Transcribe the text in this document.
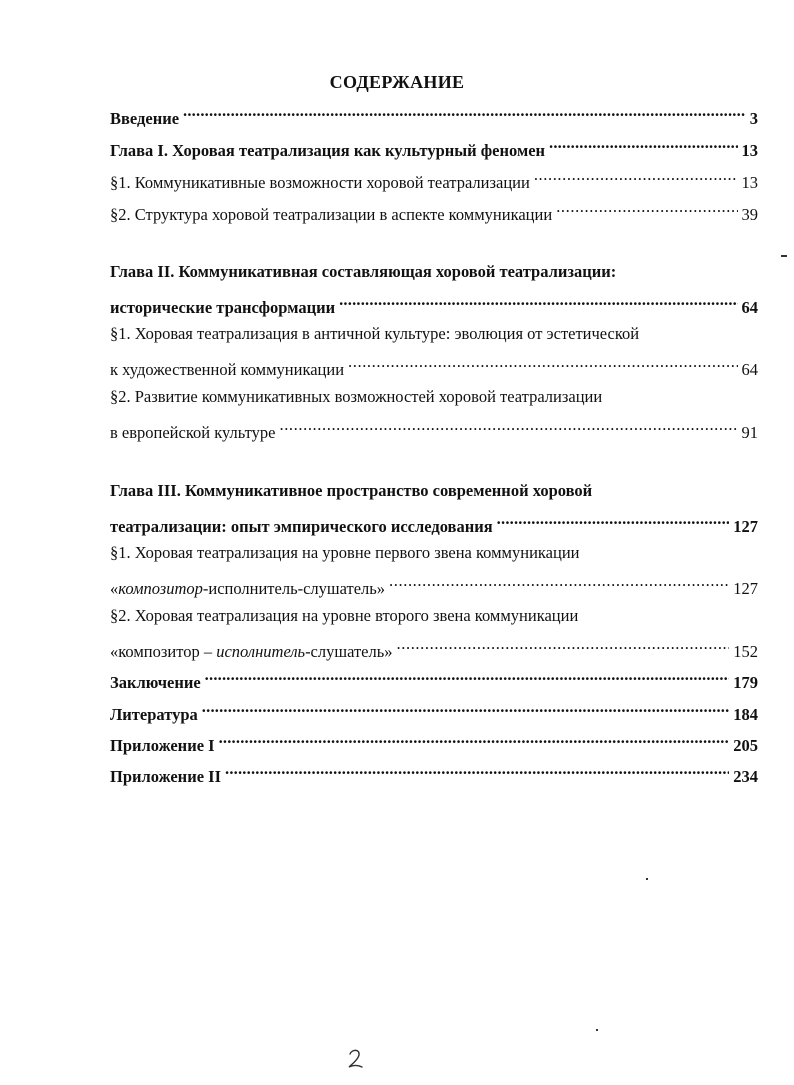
СОДЕРЖАНИЕ
Введение .....	3
Глава I. Хоровая театрализация как культурный феномен .....	13
§1. Коммуникативные возможности хоровой театрализации .....	13
§2. Структура хоровой театрализации в аспекте коммуникации .....	39
Глава II. Коммуникативная составляющая хоровой театрализации:
исторические трансформации .....	64
§1. Хоровая театрализация в античной культуре: эволюция от эстетической
к художественной коммуникации .....	64
§2. Развитие коммуникативных возможностей хоровой театрализации
в европейской культуре .....	91
Глава III. Коммуникативное пространство современной хоровой
театрализации: опыт эмпирического исследования .....	127
§1. Хоровая театрализация на уровне первого звена коммуникации
«композитор-исполнитель-слушатель» .....	127
§2. Хоровая театрализация на уровне второго звена коммуникации
«композитор – исполнитель-слушатель» .....	152
Заключение .....	179
Литература .....	184
Приложение I .....	205
Приложение II .....	234
